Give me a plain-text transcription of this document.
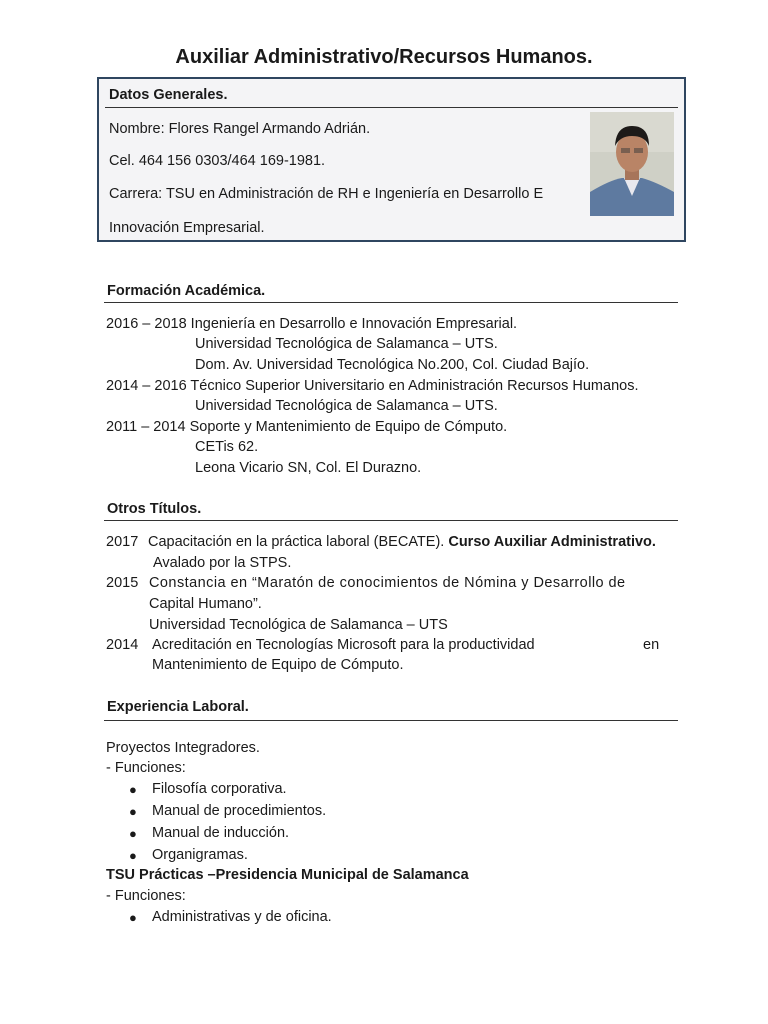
Auxiliar Administrativo/Recursos Humanos.
Datos Generales.
Nombre: Flores Rangel Armando Adrián.
Cel. 464 156 0303/464 169-1981.
Carrera: TSU en Administración de RH e Ingeniería en Desarrollo E
Innovación Empresarial.
Formación Académica.
2016 – 2018 Ingeniería en Desarrollo e Innovación Empresarial.
Universidad Tecnológica de Salamanca – UTS.
Dom. Av. Universidad Tecnológica No.200, Col. Ciudad Bajío.
2014 – 2016 Técnico Superior Universitario en Administración Recursos Humanos.
Universidad Tecnológica de Salamanca – UTS.
2011 – 2014 Soporte y Mantenimiento de Equipo de Cómputo.
CETis 62.
Leona Vicario SN, Col. El Durazno.
Otros Títulos.
2017 Capacitación en la práctica laboral (BECATE). Curso Auxiliar Administrativo.
Avalado por la STPS.
2015 Constancia en “Maratón de conocimientos de Nómina y Desarrollo de
Capital Humano”.
Universidad Tecnológica de Salamanca – UTS
2014 Acreditación en Tecnologías Microsoft para la productividad	en
Mantenimiento de Equipo de Cómputo.
Experiencia Laboral.
Proyectos Integradores.
- Funciones:
● Filosofía corporativa.
● Manual de procedimientos.
● Manual de inducción.
● Organigramas.
TSU Prácticas –Presidencia Municipal de Salamanca
- Funciones:
● Administrativas y de oficina.
